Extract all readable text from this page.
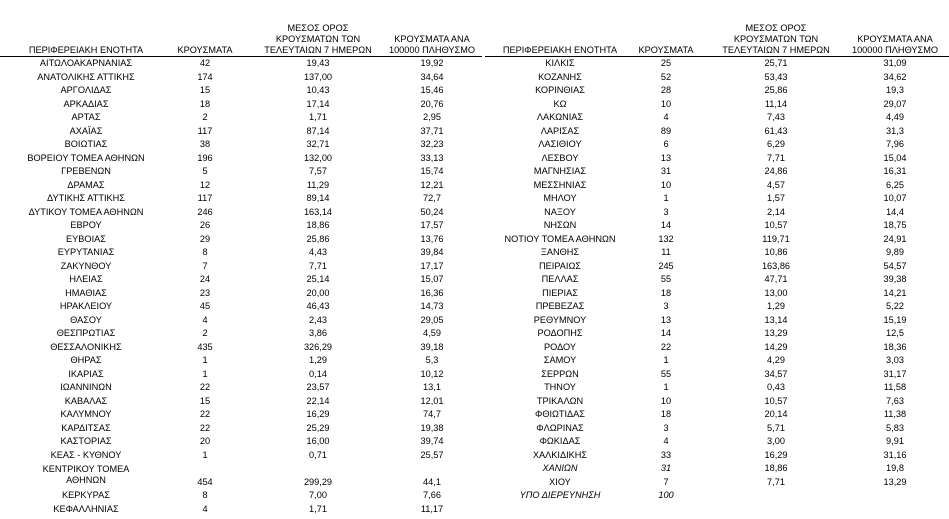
ΠΕΡΙΦΕΡΕΙΑΚΗ ΕΝΟΤΗΤΑ	ΚΡΟΥΣΜΑΤΑ
ΜΕΣΟΣ ΟΡΟΣ
ΚΡΟΥΣΜΑΤΩΝ ΤΩΝ
ΤΕΛΕΥΤΑΙΩΝ 7 ΗΜΕΡΩΝ
ΚΡΟΥΣΜΑΤΑ ΑΝΑ
100000 ΠΛΗΘΥΣΜΟ
ΑΙΤΩΛΟΑΚΑΡΝΑΝΙΑΣ	42	19,43	19,92
ΑΝΑΤΟΛΙΚΗΣ ΑΤΤΙΚΗΣ	174	137,00	34,64
ΑΡΓΟΛΙΔΑΣ	15	10,43	15,46
ΑΡΚΑΔΙΑΣ	18	17,14	20,76
ΑΡΤΑΣ	2	1,71	2,95
ΑΧΑΪΑΣ	117	87,14	37,71
ΒΟΙΩΤΙΑΣ	38	32,71	32,23
ΒΟΡΕΙΟΥ ΤΟΜΕΑ ΑΘΗΝΩΝ	196	132,00	33,13
ΓΡΕΒΕΝΩΝ	5	7,57	15,74
ΔΡΑΜΑΣ	12	11,29	12,21
ΔΥΤΙΚΗΣ ΑΤΤΙΚΗΣ	117	89,14	72,7
ΔΥΤΙΚΟΥ ΤΟΜΕΑ ΑΘΗΝΩΝ	246	163,14	50,24
ΕΒΡΟΥ	26	18,86	17,57
ΕΥΒΟΙΑΣ	29	25,86	13,76
ΕΥΡΥΤΑΝΙΑΣ	8	4,43	39,84
ΖΑΚΥΝΘΟΥ	7	7,71	17,17
ΗΛΕΙΑΣ	24	25,14	15,07
ΗΜΑΘΙΑΣ	23	20,00	16,36
ΗΡΑΚΛΕΙΟΥ	45	46,43	14,73
ΘΑΣΟΥ	4	2,43	29,05
ΘΕΣΠΡΩΤΙΑΣ	2	3,86	4,59
ΘΕΣΣΑΛΟΝΙΚΗΣ	435	326,29	39,18
ΘΗΡΑΣ	1	1,29	5,3
ΙΚΑΡΙΑΣ	1	0,14	10,12
ΙΩΑΝΝΙΝΩΝ	22	23,57	13,1
ΚΑΒΑΛΑΣ	15	22,14	12,01
ΚΑΛΥΜΝΟΥ	22	16,29	74,7
ΚΑΡΔΙΤΣΑΣ	22	25,29	19,38
ΚΑΣΤΟΡΙΑΣ	20	16,00	39,74
ΚΕΑΣ - ΚΥΘΝΟΥ	1	0,71	25,57
ΚΕΝΤΡΙΚΟΥ ΤΟΜΕΑ
ΑΘΗΝΩΝ	454	299,29	44,1
ΚΕΡΚΥΡΑΣ	8	7,00	7,66
ΚΕΦΑΛΛΗΝΙΑΣ	4	1,71	11,17
ΠΕΡΙΦΕΡΕΙΑΚΗ ΕΝΟΤΗΤΑ	ΚΡΟΥΣΜΑΤΑ
ΜΕΣΟΣ ΟΡΟΣ
ΚΡΟΥΣΜΑΤΩΝ ΤΩΝ
ΤΕΛΕΥΤΑΙΩΝ 7 ΗΜΕΡΩΝ
ΚΡΟΥΣΜΑΤΑ ΑΝΑ
100000 ΠΛΗΘΥΣΜΟ
ΚΙΛΚΙΣ	25	25,71	31,09
ΚΟΖΑΝΗΣ	52	53,43	34,62
ΚΟΡΙΝΘΙΑΣ	28	25,86	19,3
ΚΩ	10	11,14	29,07
ΛΑΚΩΝΙΑΣ	4	7,43	4,49
ΛΑΡΙΣΑΣ	89	61,43	31,3
ΛΑΣΙΘΙΟΥ	6	6,29	7,96
ΛΕΣΒΟΥ	13	7,71	15,04
ΜΑΓΝΗΣΙΑΣ	31	24,86	16,31
ΜΕΣΣΗΝΙΑΣ	10	4,57	6,25
ΜΗΛΟΥ	1	1,57	10,07
ΝΑΞΟΥ	3	2,14	14,4
ΝΗΣΩΝ	14	10,57	18,75
ΝΟΤΙΟΥ ΤΟΜΕΑ ΑΘΗΝΩΝ	132	119,71	24,91
ΞΑΝΘΗΣ	11	10,86	9,89
ΠΕΙΡΑΙΩΣ	245	163,86	54,57
ΠΕΛΛΑΣ	55	47,71	39,38
ΠΙΕΡΙΑΣ	18	13,00	14,21
ΠΡΕΒΕΖΑΣ	3	1,29	5,22
ΡΕΘΥΜΝΟΥ	13	13,14	15,19
ΡΟΔΟΠΗΣ	14	13,29	12,5
ΡΟΔΟΥ	22	14,29	18,36
ΣΑΜΟΥ	1	4,29	3,03
ΣΕΡΡΩΝ	55	34,57	31,17
ΤΗΝΟΥ	1	0,43	11,58
ΤΡΙΚΑΛΩΝ	10	10,57	7,63
ΦΘΙΩΤΙΔΑΣ	18	20,14	11,38
ΦΛΩΡΙΝΑΣ	3	5,71	5,83
ΦΩΚΙΔΑΣ	4	3,00	9,91
ΧΑΛΚΙΔΙΚΗΣ	33	16,29	31,16
ΧΑΝΙΩΝ	31	18,86	19,8
ΧΙΟΥ	7	7,71	13,29
ΥΠΟ ΔΙΕΡΕΥΝΗΣΗ	100
